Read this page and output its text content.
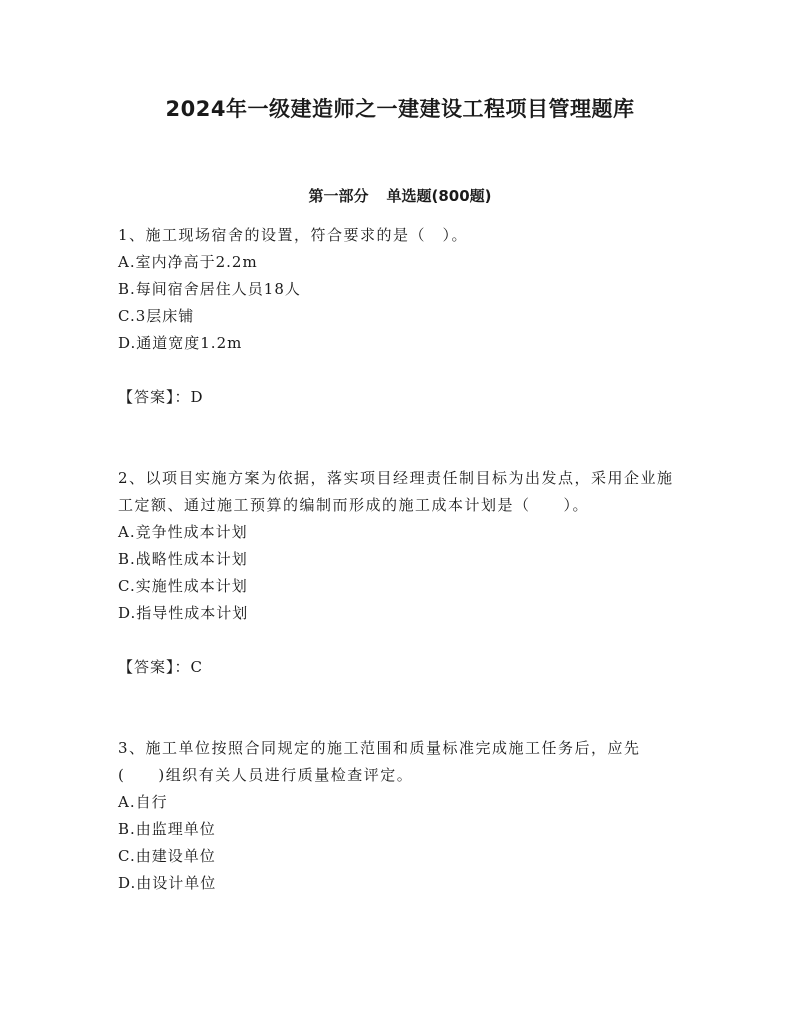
2024年一级建造师之一建建设工程项目管理题库
第一部分 单选题(800题)

1、施工现场宿舍的设置，符合要求的是（　）。

A.室内净高于2.2m

B.每间宿舍居住人员18人

C.3层床铺

D.通道宽度1.2m

【答案】：D

2、以项目实施方案为依据，落实项目经理责任制目标为出发点，采用企业施工定额、通过施工预算的编制而形成的施工成本计划是（　　）。

A.竞争性成本计划

B.战略性成本计划

C.实施性成本计划

D.指导性成本计划

【答案】：C

3、施工单位按照合同规定的施工范围和质量标准完成施工任务后，应先(　　)组织有关人员进行质量检查评定。

A.自行

B.由监理单位

C.由建设单位

D.由设计单位
